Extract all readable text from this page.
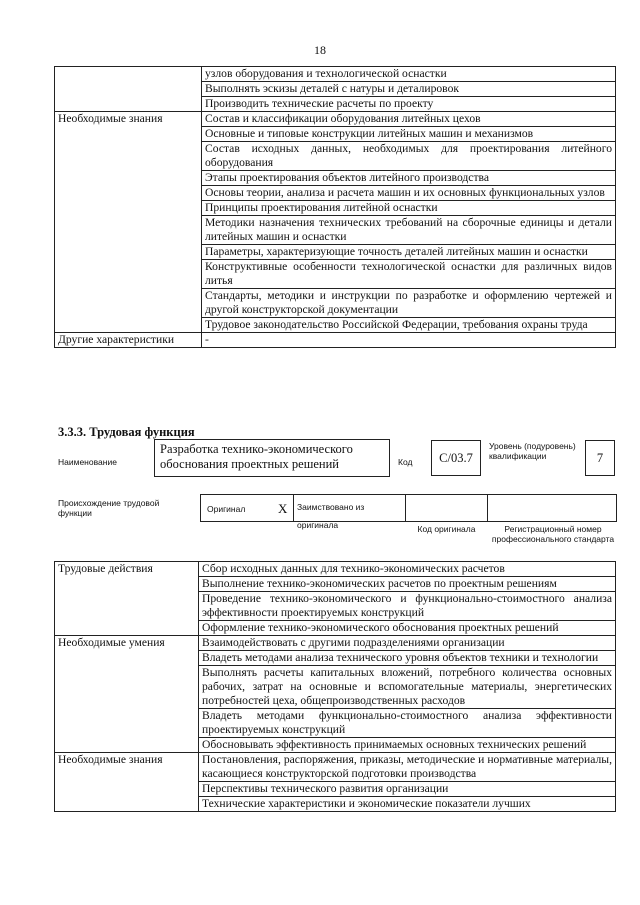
18
	узлов оборудования и технологической оснастки
	Выполнять эскизы деталей с натуры и деталировок
	Производить технические расчеты по проекту
Необходимые знания	Состав и классификации оборудования литейных цехов
	Основные и типовые конструкции литейных машин и механизмов
	Состав исходных данных, необходимых для проектирования литейного оборудования
	Этапы проектирования объектов литейного производства
	Основы теории, анализа и расчета машин и их основных функциональных узлов
	Принципы проектирования литейной оснастки
	Методики назначения технических требований на сборочные единицы и детали литейных машин и оснастки
	Параметры, характеризующие точность деталей литейных машин и оснастки
	Конструктивные особенности технологической оснастки для различных видов литья
	Стандарты, методики и инструкции по разработке и оформлению чертежей и другой конструкторской документации
	Трудовое законодательство Российской Федерации, требования охраны труда
Другие характеристики	-
3.3.3. Трудовая функция
Наименование
Разработка технико-экономического обоснования проектных решений	Код	С/03.7
Уровень (подуровень) квалификации	7
Происхождение трудовой функции	Оригинал	X	Заимствовано из оригинала	Код оригинала	Регистрационный номер профессионального стандарта
Трудовые действия	Сбор исходных данных для технико-экономических расчетов
	Выполнение технико-экономических расчетов по проектным решениям
	Проведение технико-экономического и функционально-стоимостного анализа эффективности проектируемых конструкций
	Оформление технико-экономического обоснования проектных решений
Необходимые умения	Взаимодействовать с другими подразделениями организации
	Владеть методами анализа технического уровня объектов техники и технологии
	Выполнять расчеты капитальных вложений, потребного количества основных рабочих, затрат на основные и вспомогательные материалы, энергетических потребностей цеха, общепроизводственных расходов
	Владеть методами функционально-стоимостного анализа эффективности проектируемых конструкций
	Обосновывать эффективность принимаемых основных технических решений
Необходимые знания	Постановления, распоряжения, приказы, методические и нормативные материалы, касающиеся конструкторской подготовки производства
	Перспективы технического развития организации
	Технические характеристики и экономические показатели лучших
